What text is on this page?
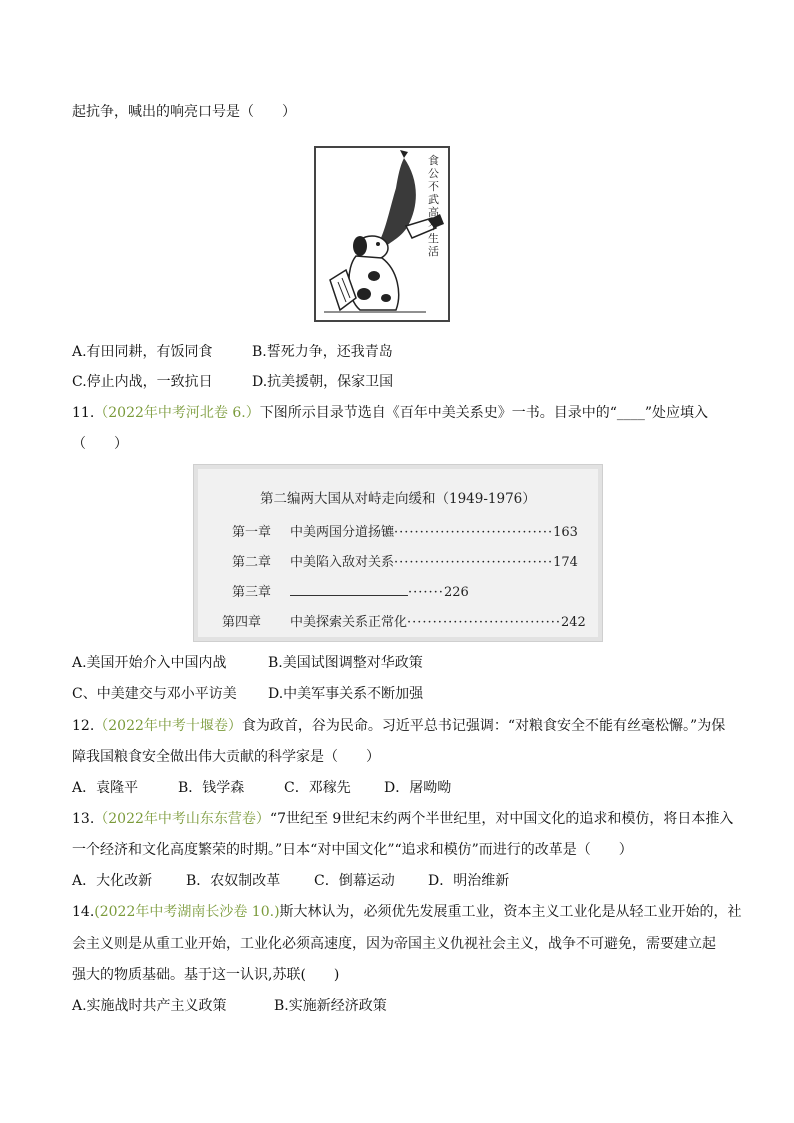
起抗争，喊出的响亮口号是（　　）
食公不武高不生活
A.有田同耕，有饭同食	B.誓死力争，还我青岛
C.停止内战，一致抗日	D.抗美援朝，保家卫国
11.（2022年中考河北卷 6.）下图所示目录节选自《百年中美关系史》一书。目录中的“____”处应填入
（　　）
第二编两大国从对峙走向缓和（1949-1976）
第一章 中美两国分道扬镳·······························163
第二章 中美陷入敌对关系·······························174
第三章	·······226
第四章 中美探索关系正常化······························242
A.美国开始介入中国内战	B.美国试图调整对华政策
C、中美建交与邓小平访美 D.中美军事关系不断加强
12.（2022年中考十堰卷）食为政首，谷为民命。习近平总书记强调：“对粮食安全不能有丝毫松懈。”为保
障我国粮食安全做出伟大贡献的科学家是（　　）
A．袁隆平	B．钱学森	C．邓稼先 D．屠呦呦
13.（2022年中考山东东营卷）“7世纪至 9世纪末约两个半世纪里，对中国文化的追求和模仿，将日本推入
一个经济和文化高度繁荣的时期。”日本“对中国文化”“追求和模仿”而进行的改革是（　　）
A．大化改新 B．农奴制改革 C．倒幕运动 D．明治维新
14.(2022年中考湖南长沙卷 10.)斯大林认为，必须优先发展重工业，资本主义工业化是从轻工业开始的，社
会主义则是从重工业开始，工业化必须高速度，因为帝国主义仇视社会主义，战争不可避免，需要建立起
强大的物质基础。基于这一认识,苏联(　　)
A.实施战时共产主义政策	B.实施新经济政策
